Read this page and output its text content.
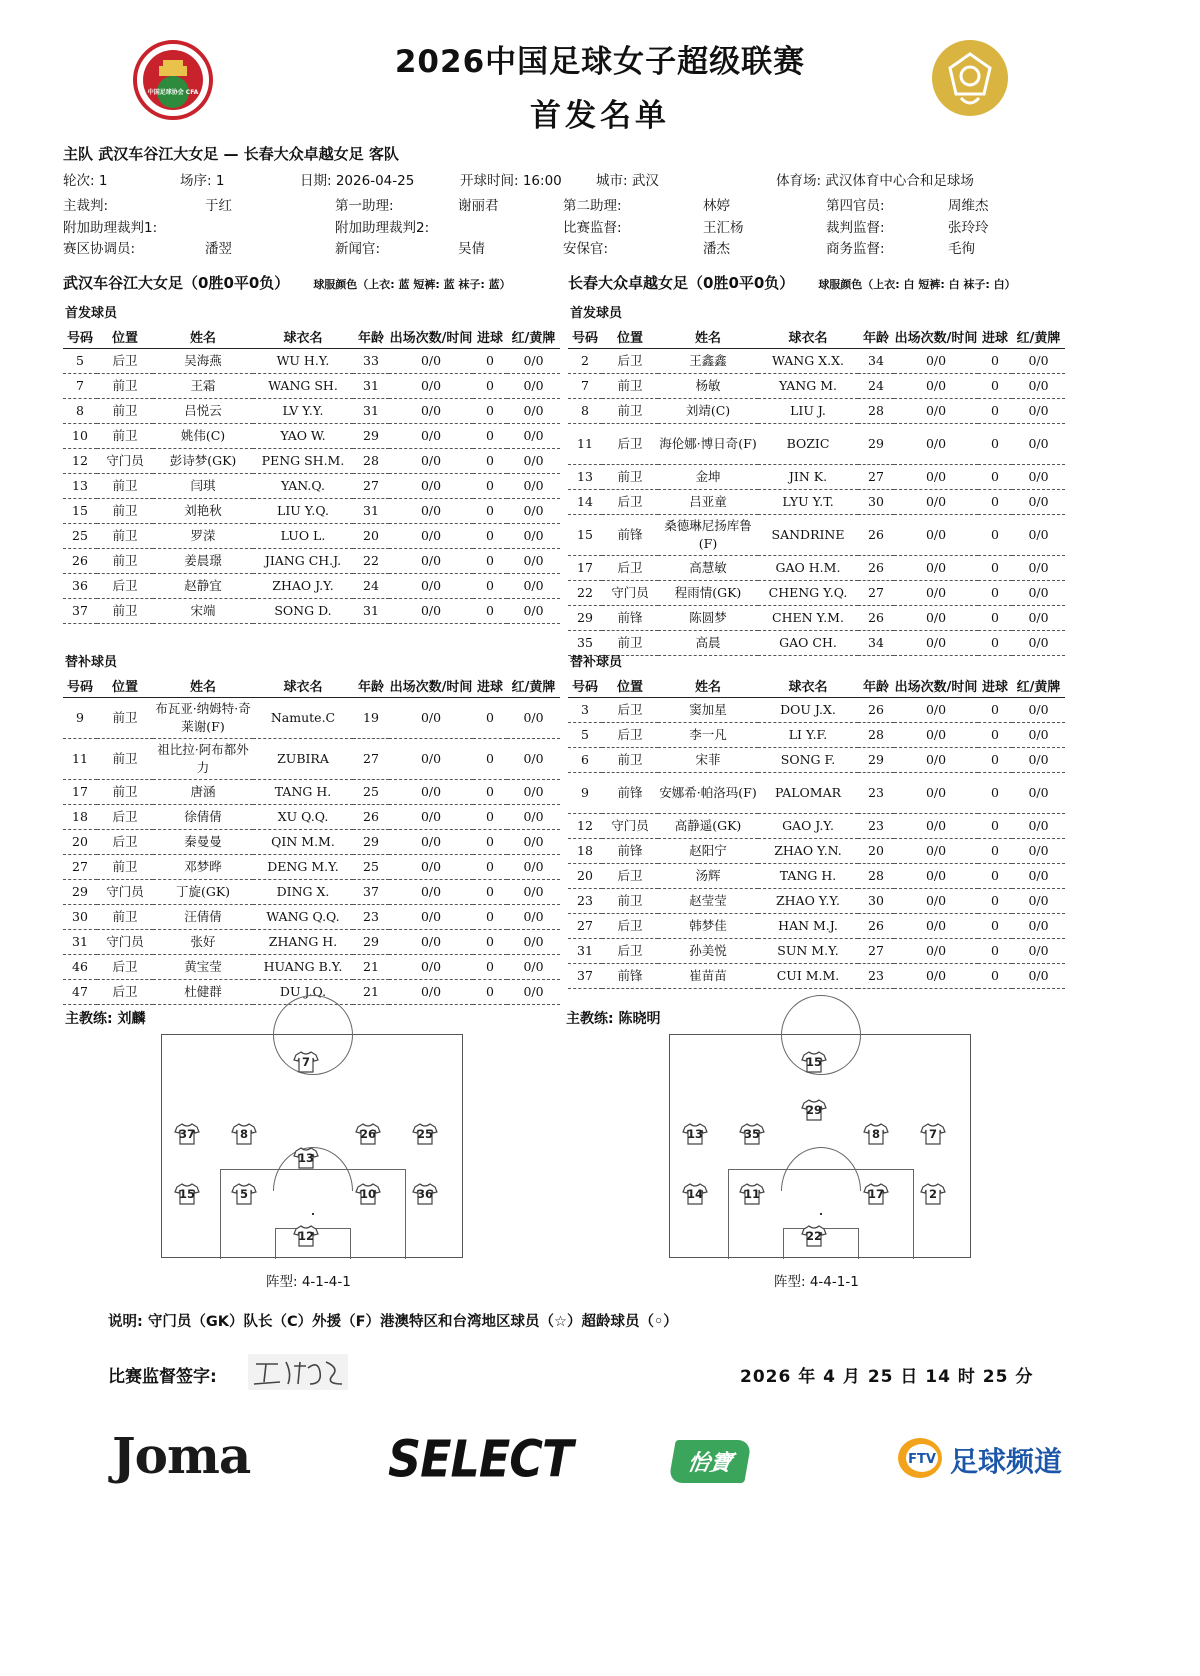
中国足球协会 CFA
2026中国足球女子超级联赛
首发名单
主队 武汉车谷江大女足 — 长春大众卓越女足 客队
轮次: 1	场序: 1	日期: 2026-04-25	开球时间: 16:00	城市: 武汉	体育场: 武汉体育中心合和足球场
主裁判:	于红	第一助理:	谢丽君	第二助理:	林婷	第四官员:	周维杰
附加助理裁判1:	附加助理裁判2:	比赛监督:	王汇杨	裁判监督:	张玲玲
赛区协调员:	潘翌	新闻官:	吴倩	安保官:	潘杰	商务监督:	毛徇
武汉车谷江大女足（0胜0平0负） 球服颜色（上衣: 蓝 短裤: 蓝 袜子: 蓝）	长春大众卓越女足（0胜0平0负） 球服颜色（上衣: 白 短裤: 白 袜子: 白）
首发球员	首发球员
号码	位置	姓名	球衣名	年龄	出场次数/时间	进球	红/黄牌
5	后卫	吴海燕	WU H.Y.	33	0/0	0	0/0
7	前卫	王霜	WANG SH.	31	0/0	0	0/0
8	前卫	吕悦云	LV Y.Y.	31	0/0	0	0/0
10	前卫	姚伟(C)	YAO W.	29	0/0	0	0/0
12	守门员	彭诗梦(GK)	PENG SH.M.	28	0/0	0	0/0
13	前卫	闫琪	YAN.Q.	27	0/0	0	0/0
15	前卫	刘艳秋	LIU Y.Q.	31	0/0	0	0/0
25	前卫	罗溁	LUO L.	20	0/0	0	0/0
26	前卫	姜晨璟	JIANG CH.J.	22	0/0	0	0/0
36	后卫	赵静宜	ZHAO J.Y.	24	0/0	0	0/0
37	前卫	宋端	SONG D.	31	0/0	0	0/0
号码	位置	姓名	球衣名	年龄	出场次数/时间	进球	红/黄牌
2	后卫	王鑫鑫	WANG X.X.	34	0/0	0	0/0
7	前卫	杨敏	YANG M.	24	0/0	0	0/0
8	前卫	刘靖(C)	LIU J.	28	0/0	0	0/0
11	后卫	海伦娜·博日奇(F)	BOZIC	29	0/0	0	0/0
13	前卫	金坤	JIN K.	27	0/0	0	0/0
14	后卫	吕亚童	LYU Y.T.	30	0/0	0	0/0
15	前锋	桑德琳尼扬库鲁(F)	SANDRINE	26	0/0	0	0/0
17	后卫	高慧敏	GAO H.M.	26	0/0	0	0/0
22	守门员	程雨情(GK)	CHENG Y.Q.	27	0/0	0	0/0
29	前锋	陈圆梦	CHEN Y.M.	26	0/0	0	0/0
35	前卫	高晨	GAO CH.	34	0/0	0	0/0
替补球员	替补球员
号码	位置	姓名	球衣名	年龄	出场次数/时间	进球	红/黄牌
9	前卫	布瓦亚·纳姆特·奇莱谢(F)	Namute.C	19	0/0	0	0/0
11	前卫	祖比拉·阿布都外力	ZUBIRA	27	0/0	0	0/0
17	前卫	唐涵	TANG H.	25	0/0	0	0/0
18	后卫	徐倩倩	XU Q.Q.	26	0/0	0	0/0
20	后卫	秦曼曼	QIN M.M.	29	0/0	0	0/0
27	前卫	邓梦晔	DENG M.Y.	25	0/0	0	0/0
29	守门员	丁旋(GK)	DING X.	37	0/0	0	0/0
30	前卫	汪倩倩	WANG Q.Q.	23	0/0	0	0/0
31	守门员	张好	ZHANG H.	29	0/0	0	0/0
46	后卫	黄宝莹	HUANG B.Y.	21	0/0	0	0/0
47	后卫	杜健群	DU J.Q.	21	0/0	0	0/0
号码	位置	姓名	球衣名	年龄	出场次数/时间	进球	红/黄牌
3	后卫	窦加星	DOU J.X.	26	0/0	0	0/0
5	后卫	李一凡	LI Y.F.	28	0/0	0	0/0
6	前卫	宋菲	SONG F.	29	0/0	0	0/0
9	前锋	安娜希·帕洛玛(F)	PALOMAR	23	0/0	0	0/0
12	守门员	高静遥(GK)	GAO J.Y.	23	0/0	0	0/0
18	前锋	赵阳宁	ZHAO Y.N.	20	0/0	0	0/0
20	后卫	汤辉	TANG H.	28	0/0	0	0/0
23	前卫	赵莹莹	ZHAO Y.Y.	30	0/0	0	0/0
27	后卫	韩梦佳	HAN M.J.	26	0/0	0	0/0
31	后卫	孙美悦	SUN M.Y.	27	0/0	0	0/0
37	前锋	崔苗苗	CUI M.M.	23	0/0	0	0/0
主教练: 刘麟	主教练: 陈晓明
7
37	8	26	25
13
15	5	10	36
12
15
29
13	35	8	7
14	11	17	2
22
阵型: 4-1-4-1	阵型: 4-4-1-1
说明: 守门员（GK）队长（C）外援（F）港澳特区和台湾地区球员（☆）超龄球员（◦）
比赛监督签字:	2026 年 4 月 25 日 14 时 25 分
Joma	SELECT	怡寶	FTV 足球频道
